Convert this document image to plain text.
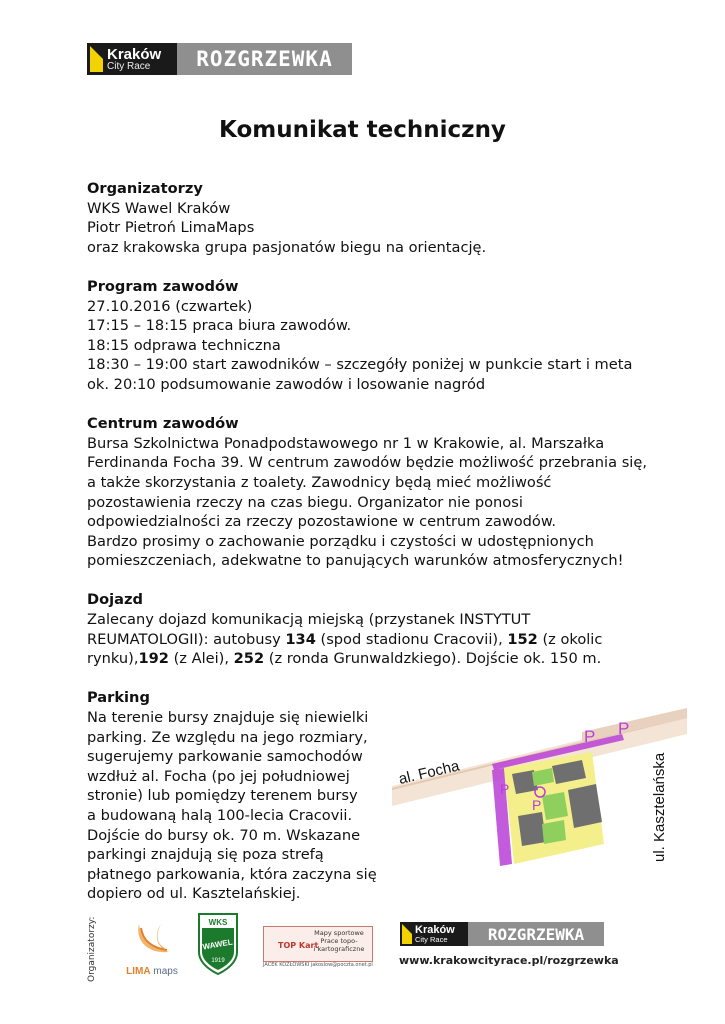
Kraków
City Race	ROZGRZEWKA
Komunikat techniczny
Organizatorzy

WKS Wawel Kraków

Piotr Pietroń LimaMaps

oraz krakowska grupa pasjonatów biegu na orientację.

Program zawodów

27.10.2016 (czwartek)

17:15 – 18:15 praca biura zawodów.

18:15 odprawa techniczna

18:30 – 19:00 start zawodników – szczegóły poniżej w punkcie start i meta

ok. 20:10 podsumowanie zawodów i losowanie nagród

Centrum zawodów

Bursa Szkolnictwa Ponadpodstawowego nr 1 w Krakowie, al. Marszałka

Ferdinanda Focha 39. W centrum zawodów będzie możliwość przebrania się,

a także skorzystania z toalety. Zawodnicy będą mieć możliwość

pozostawienia rzeczy na czas biegu. Organizator nie ponosi

odpowiedzialności za rzeczy pozostawione w centrum zawodów.

Bardzo prosimy o zachowanie porządku i czystości w udostępnionych

pomieszczeniach, adekwatne to panujących warunków atmosferycznych!

Dojazd

Zalecany dojazd komunikacją miejską (przystanek INSTYTUT

REUMATOLOGII): autobusy 134 (spod stadionu Cracovii), 152 (z okolic

rynku),192 (z Alei), 252 (z ronda Grunwaldzkiego). Dojście ok. 150 m.

Parking

Na terenie bursy znajduje się niewielki

parking. Ze względu na jego rozmiary,

sugerujemy parkowanie samochodów

wzdłuż al. Focha (po jej południowej

stronie) lub pomiędzy terenem bursy

a budowaną halą 100-lecia Cracovii.

Dojście do bursy ok. 70 m. Wskazane

parkingi znajdują się poza strefą

płatnego parkowania, która zaczyna się

dopiero od ul. Kasztelańskiej.

P P
P
P
al. Focha	ul. Kasztelańska
Organizatorzy:	LIMA maps
WKS
WAWEL
1919
TOP Kart
Mapy sportowe
Prace topo-
i kartograficzne
JACEK KOZŁOWSKI jakoslow@poczta.onet.pl
Kraków
City Race	ROZGRZEWKA
www.krakowcityrace.pl/rozgrzewka
